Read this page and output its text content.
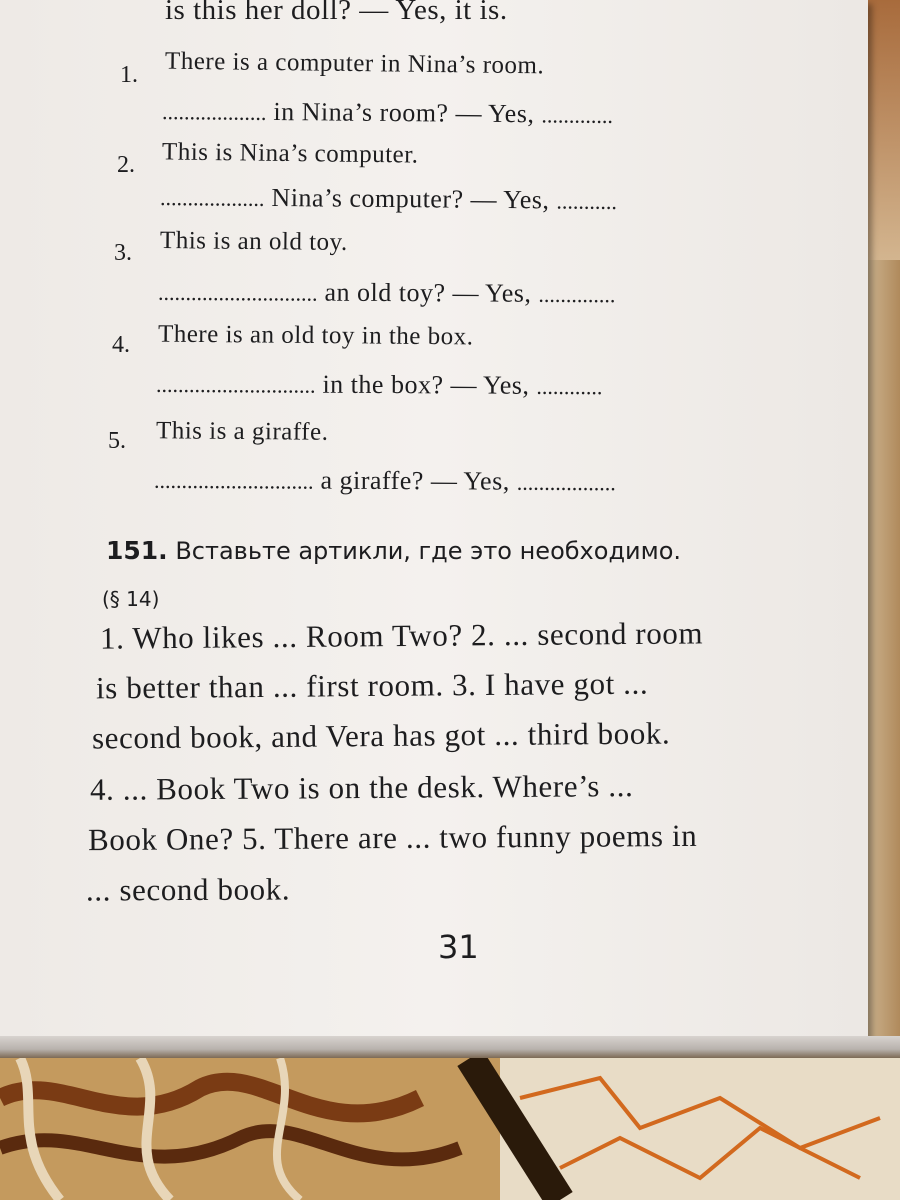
is this her doll? — Yes, it is.
1. There is a computer in Nina’s room.
................... in Nina’s room? — Yes, .............
2. This is Nina’s computer.
................... Nina’s computer? — Yes, ...........
3. This is an old toy.
............................. an old toy? — Yes, ..............
4. There is an old toy in the box.
............................. in the box? — Yes, ............
5. This is a giraffe.
............................. a giraffe? — Yes, ..................
151. Вставьте артикли, где это необходимо.
(§ 14)
1. Who likes ... Room Two? 2. ... second room
is better than ... first room. 3. I have got ...
second book, and Vera has got ... third book.
4. ... Book Two is on the desk. Where’s ...
Book One? 5. There are ... two funny poems in
... second book.
31
